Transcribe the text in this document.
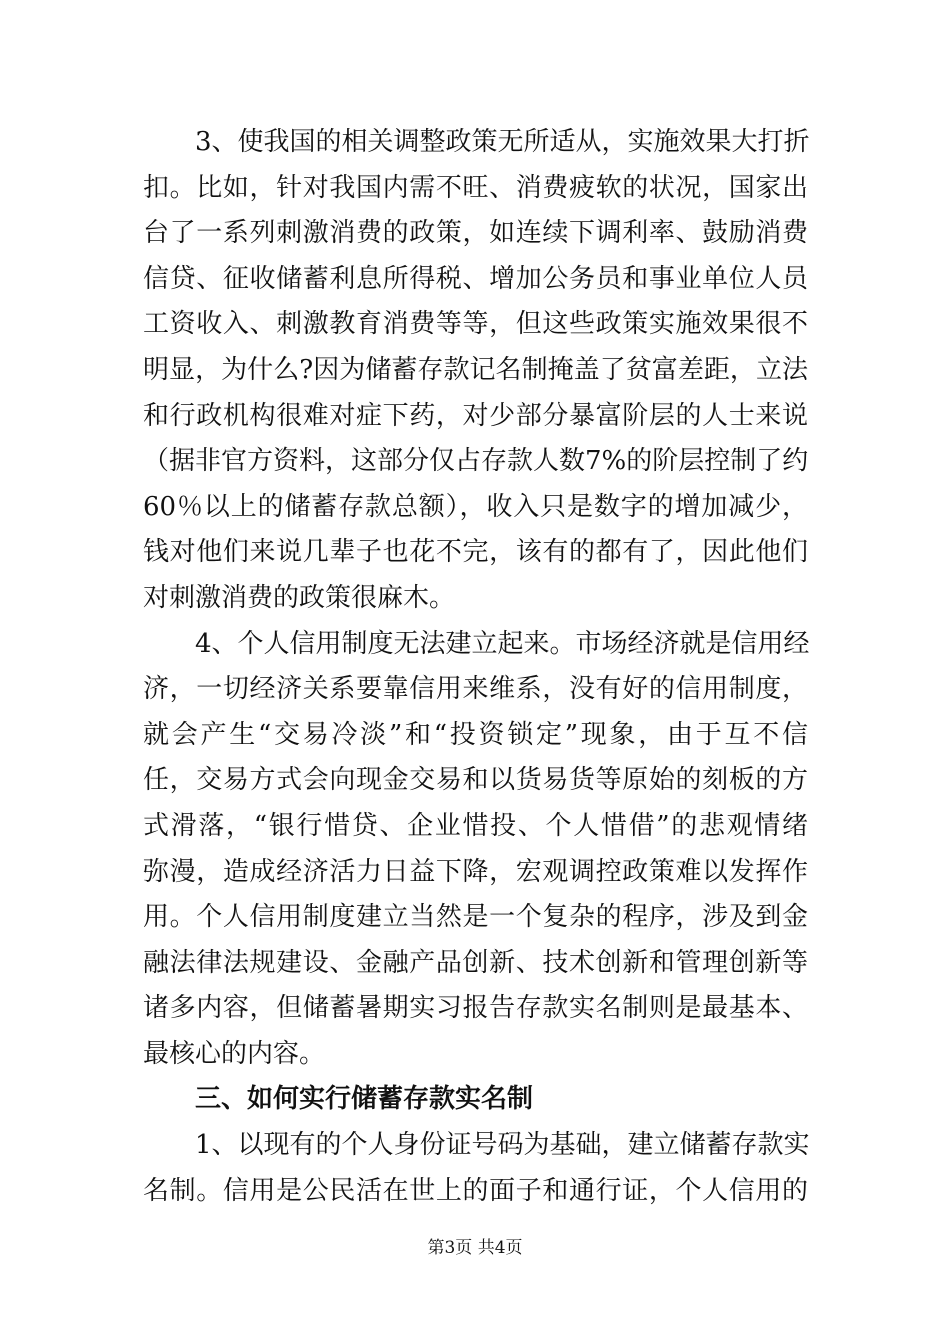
3、使我国的相关调整政策无所适从，实施效果大打折
扣。比如，针对我国内需不旺、消费疲软的状况，国家出
台了一系列刺激消费的政策，如连续下调利率、鼓励消费
信贷、征收储蓄利息所得税、增加公务员和事业单位人员
工资收入、刺激教育消费等等，但这些政策实施效果很不
明显，为什么?因为储蓄存款记名制掩盖了贫富差距，立法
和行政机构很难对症下药，对少部分暴富阶层的人士来说
（据非官方资料，这部分仅占存款人数7%的阶层控制了约
60％以上的储蓄存款总额），收入只是数字的增加减少，
钱对他们来说几辈子也花不完，该有的都有了，因此他们
对刺激消费的政策很麻木。
4、个人信用制度无法建立起来。市场经济就是信用经
济，一切经济关系要靠信用来维系，没有好的信用制度，
就会产生“交易冷淡”和“投资锁定”现象，由于互不信
任，交易方式会向现金交易和以货易货等原始的刻板的方
式滑落，“银行惜贷、企业惜投、个人惜借”的悲观情绪
弥漫，造成经济活力日益下降，宏观调控政策难以发挥作
用。个人信用制度建立当然是一个复杂的程序，涉及到金
融法律法规建设、金融产品创新、技术创新和管理创新等
诸多内容，但储蓄暑期实习报告存款实名制则是最基本、
最核心的内容。
三、如何实行储蓄存款实名制
1、以现有的个人身份证号码为基础，建立储蓄存款实
名制。信用是公民活在世上的面子和通行证，个人信用的
第3页 共4页
